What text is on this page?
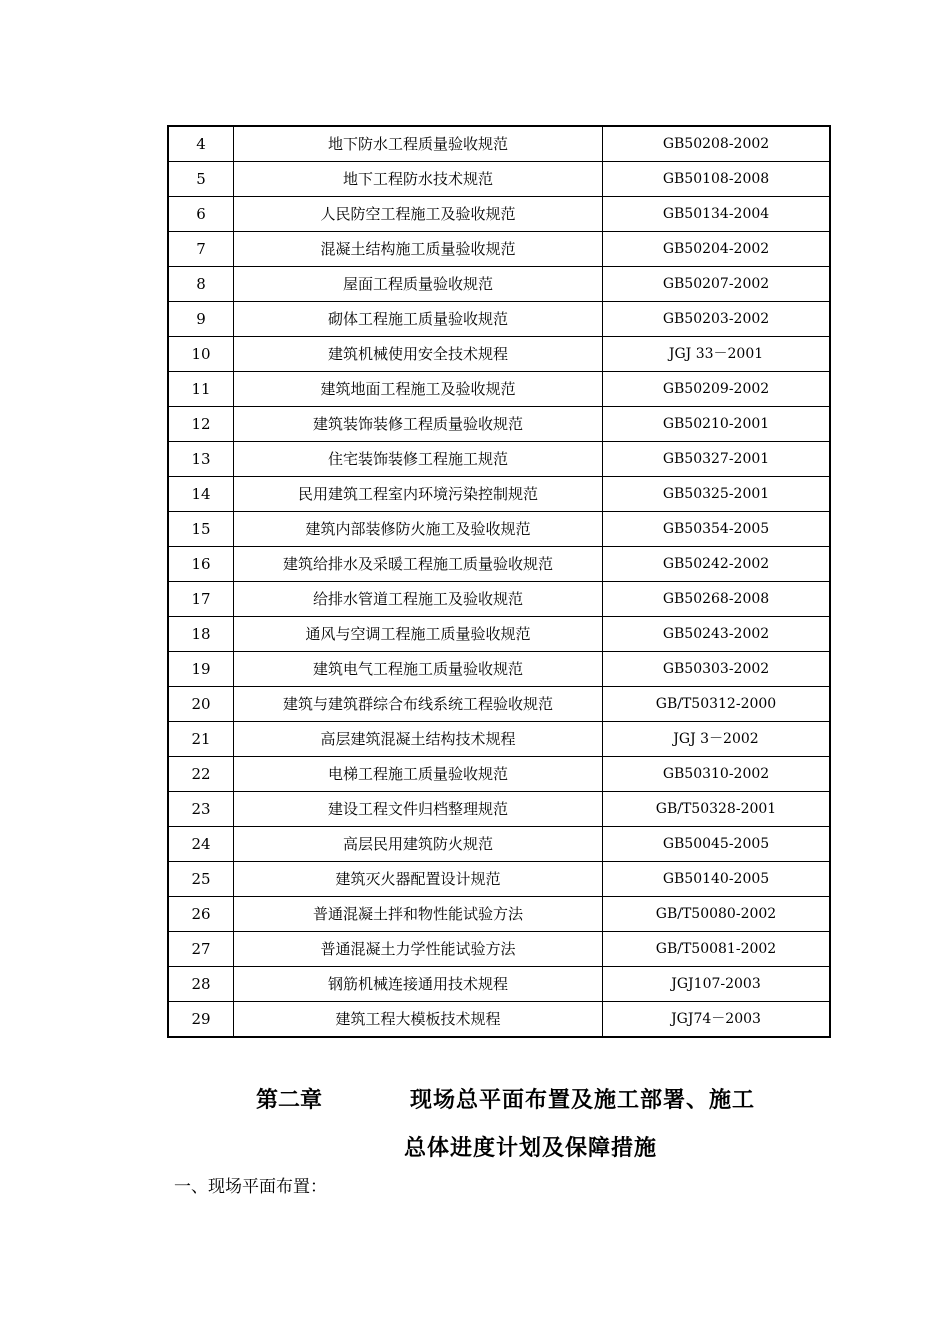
4	地下防水工程质量验收规范	GB50208-2002
5	地下工程防水技术规范	GB50108-2008
6	人民防空工程施工及验收规范	GB50134-2004
7	混凝土结构施工质量验收规范	GB50204-2002
8	屋面工程质量验收规范	GB50207-2002
9	砌体工程施工质量验收规范	GB50203-2002
10	建筑机械使用安全技术规程	JGJ 33－2001
11	建筑地面工程施工及验收规范	GB50209-2002
12	建筑装饰装修工程质量验收规范	GB50210-2001
13	住宅装饰装修工程施工规范	GB50327-2001
14	民用建筑工程室内环境污染控制规范	GB50325-2001
15	建筑内部装修防火施工及验收规范	GB50354-2005
16	建筑给排水及采暖工程施工质量验收规范	GB50242-2002
17	给排水管道工程施工及验收规范	GB50268-2008
18	通风与空调工程施工质量验收规范	GB50243-2002
19	建筑电气工程施工质量验收规范	GB50303-2002
20	建筑与建筑群综合布线系统工程验收规范	GB/T50312-2000
21	高层建筑混凝土结构技术规程	JGJ 3－2002
22	电梯工程施工质量验收规范	GB50310-2002
23	建设工程文件归档整理规范	GB/T50328-2001
24	高层民用建筑防火规范	GB50045-2005
25	建筑灭火器配置设计规范	GB50140-2005
26	普通混凝土拌和物性能试验方法	GB/T50080-2002
27	普通混凝土力学性能试验方法	GB/T50081-2002
28	钢筋机械连接通用技术规程	JGJ107-2003
29	建筑工程大模板技术规程	JGJ74－2003
第二章	现场总平面布置及施工部署、施工
总体进度计划及保障措施
一、现场平面布置：
